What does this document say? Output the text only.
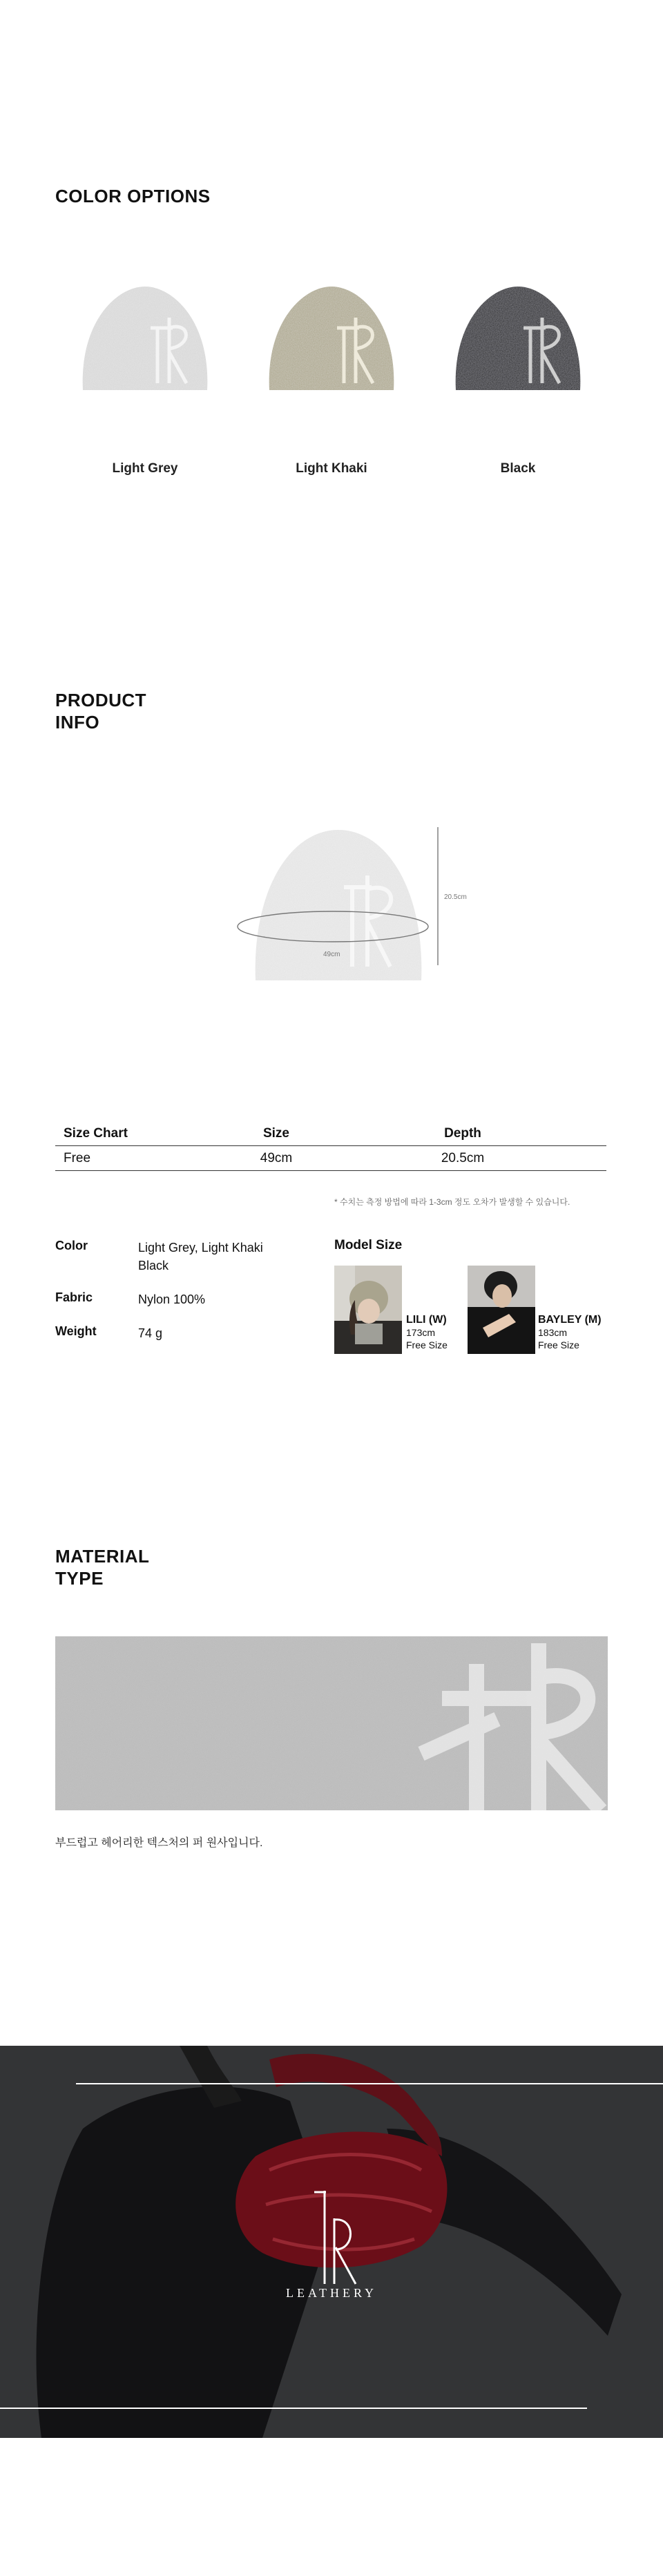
COLOR OPTIONS
Light Grey	Light Khaki	Black
PRODUCT
INFO
20.5cm
49cm
Size Chart	Size	Depth
Free	49cm	20.5cm
* 수치는 측정 방법에 따라 1-3cm 정도 오차가 발생할 수 있습니다.
Color	Light Grey, Light Khaki
Black
Fabric	Nylon 100%
Weight	74 g
Model Size
LILI (W)
173cm
Free Size
BAYLEY (M)
183cm
Free Size
MATERIAL
TYPE
부드럽고 헤어리한 텍스처의 퍼 원사입니다.
LEATHERY
